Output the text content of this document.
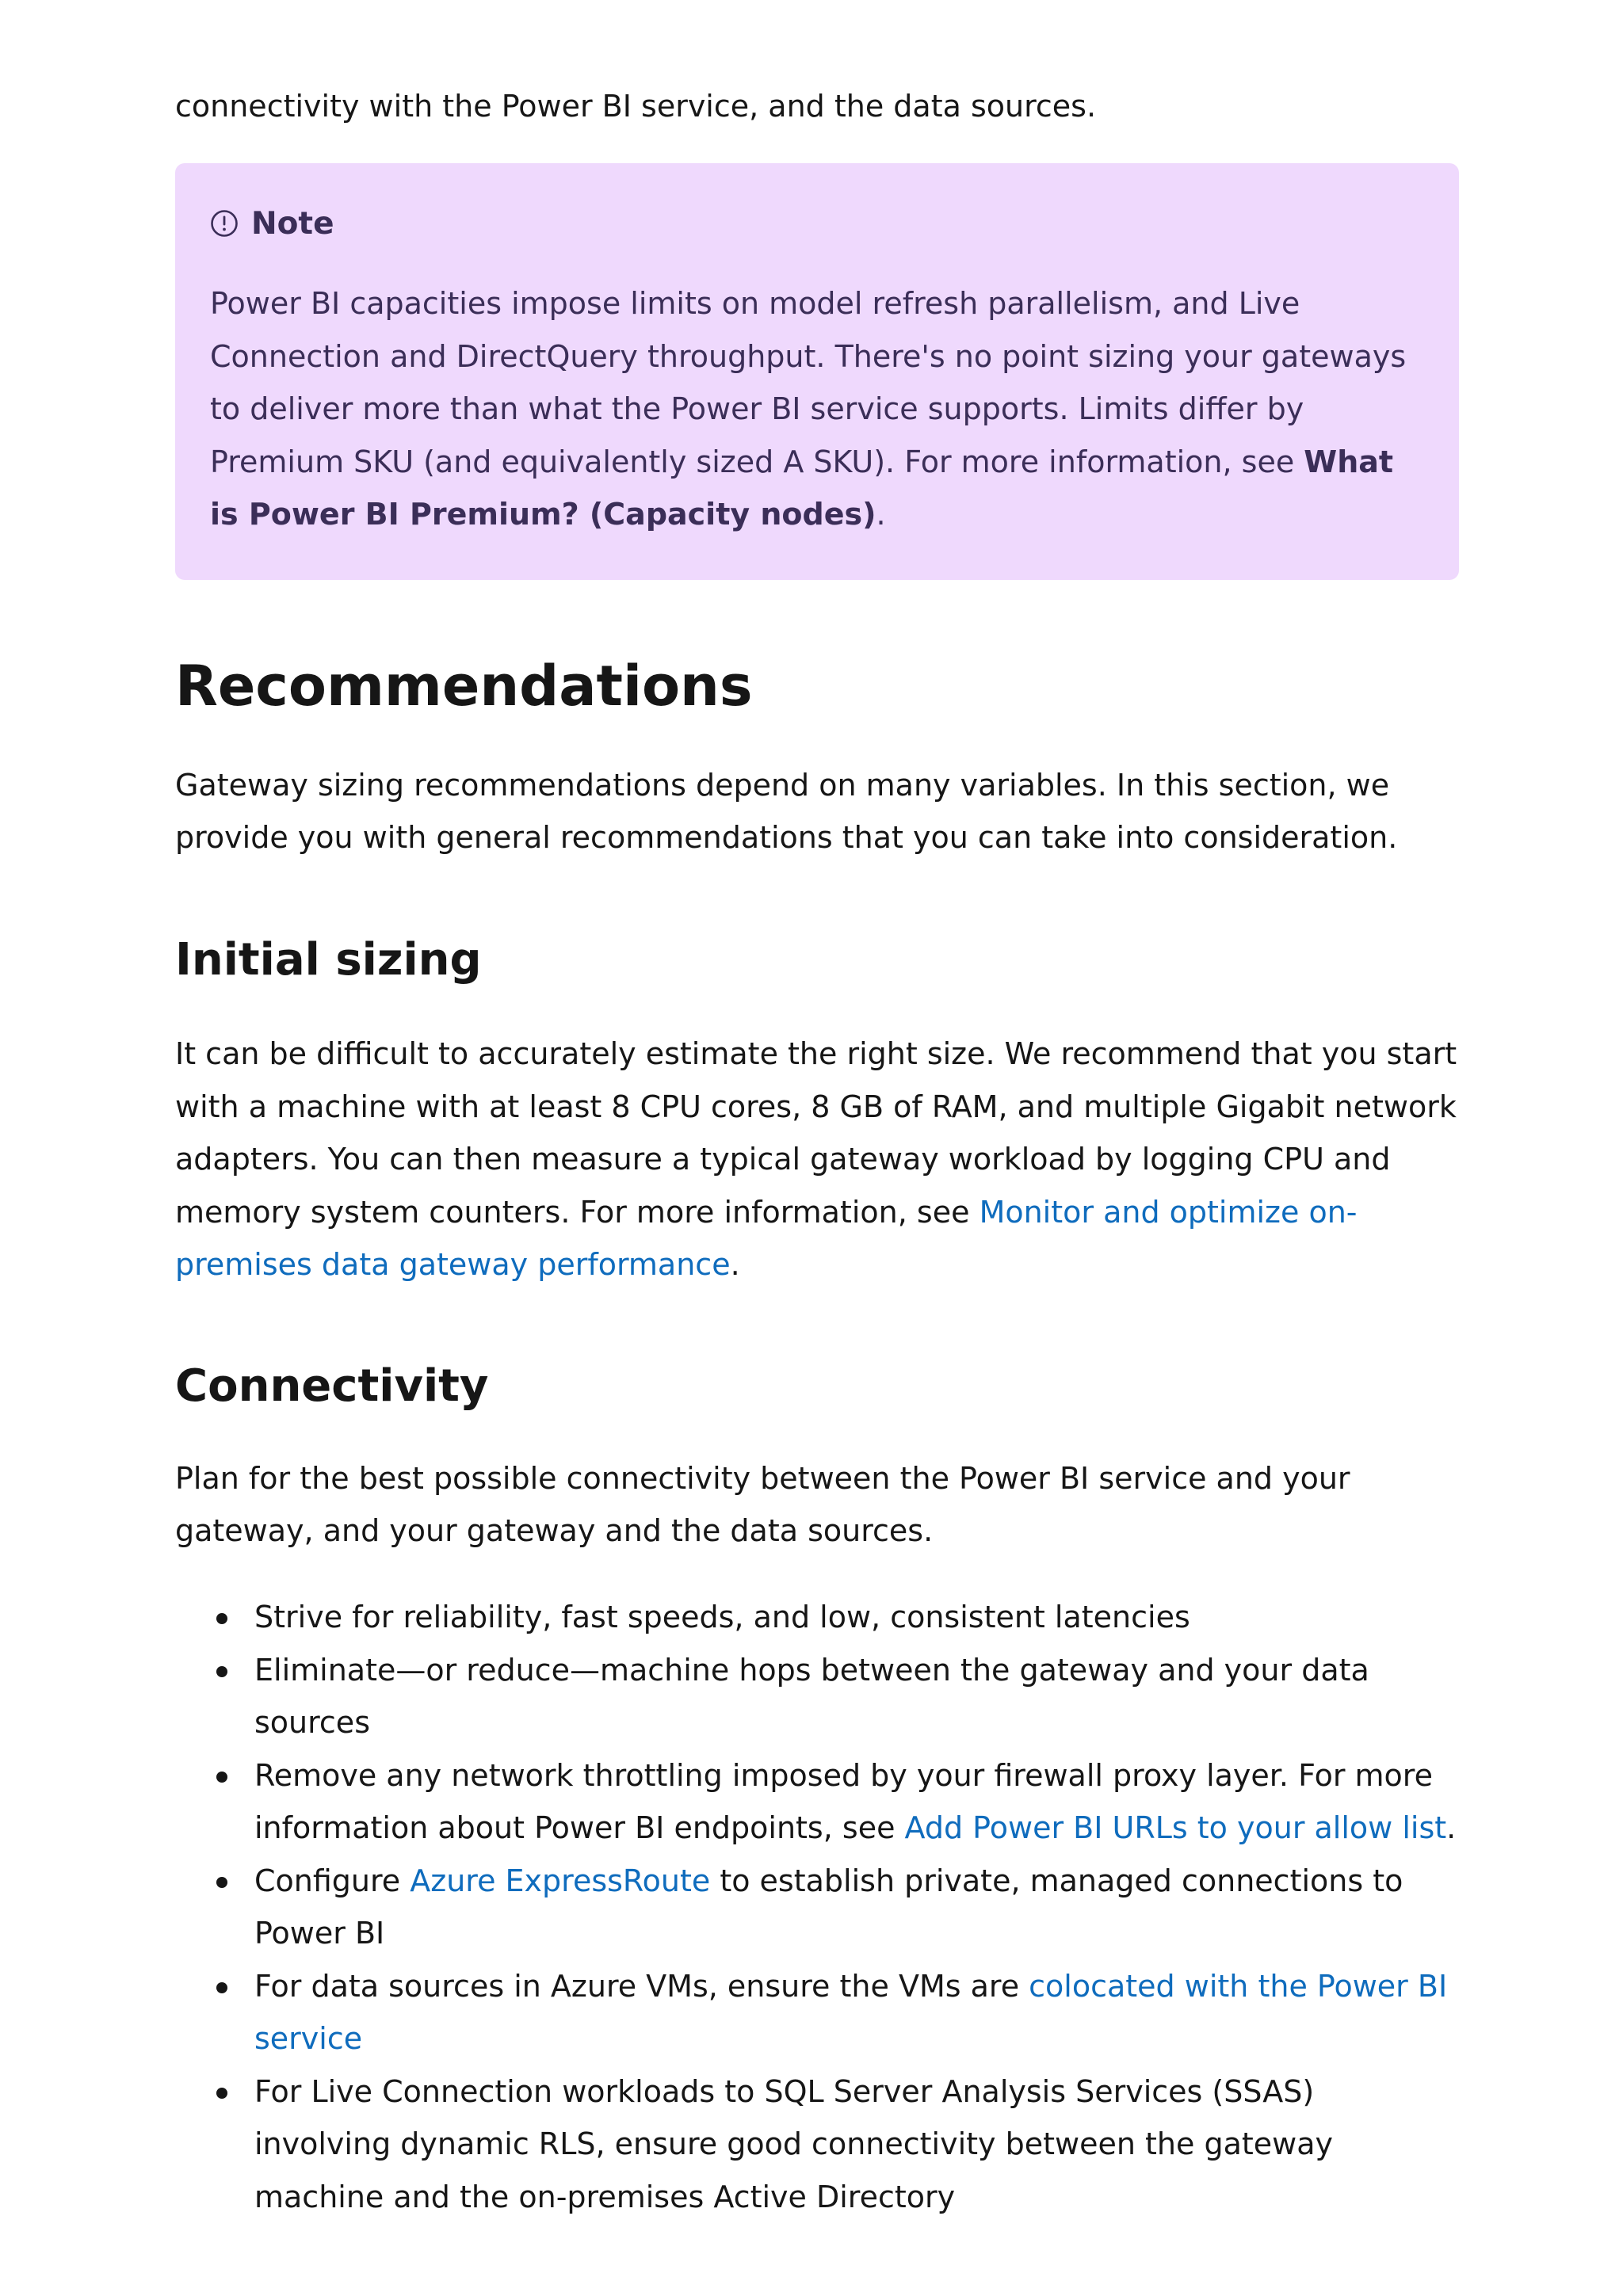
connectivity with the Power BI service, and the data sources.

Note

Power BI capacities impose limits on model refresh parallelism, and Live Connection and DirectQuery throughput. There's no point sizing your gateways to deliver more than what the Power BI service supports. Limits differ by Premium SKU (and equivalently sized A SKU). For more information, see What is Power BI Premium? (Capacity nodes).

Recommendations

Gateway sizing recommendations depend on many variables. In this section, we provide you with general recommendations that you can take into consideration.

Initial sizing

It can be difficult to accurately estimate the right size. We recommend that you start with a machine with at least 8 CPU cores, 8 GB of RAM, and multiple Gigabit network adapters. You can then measure a typical gateway workload by logging CPU and memory system counters. For more information, see Monitor and optimize on-premises data gateway performance.

Connectivity

Plan for the best possible connectivity between the Power BI service and your gateway, and your gateway and the data sources.

Strive for reliability, fast speeds, and low, consistent latencies
Eliminate—or reduce—machine hops between the gateway and your data sources
Remove any network throttling imposed by your firewall proxy layer. For more information about Power BI endpoints, see Add Power BI URLs to your allow list.
Configure Azure ExpressRoute to establish private, managed connections to Power BI
For data sources in Azure VMs, ensure the VMs are colocated with the Power BI service
For Live Connection workloads to SQL Server Analysis Services (SSAS) involving dynamic RLS, ensure good connectivity between the gateway machine and the on-premises Active Directory
